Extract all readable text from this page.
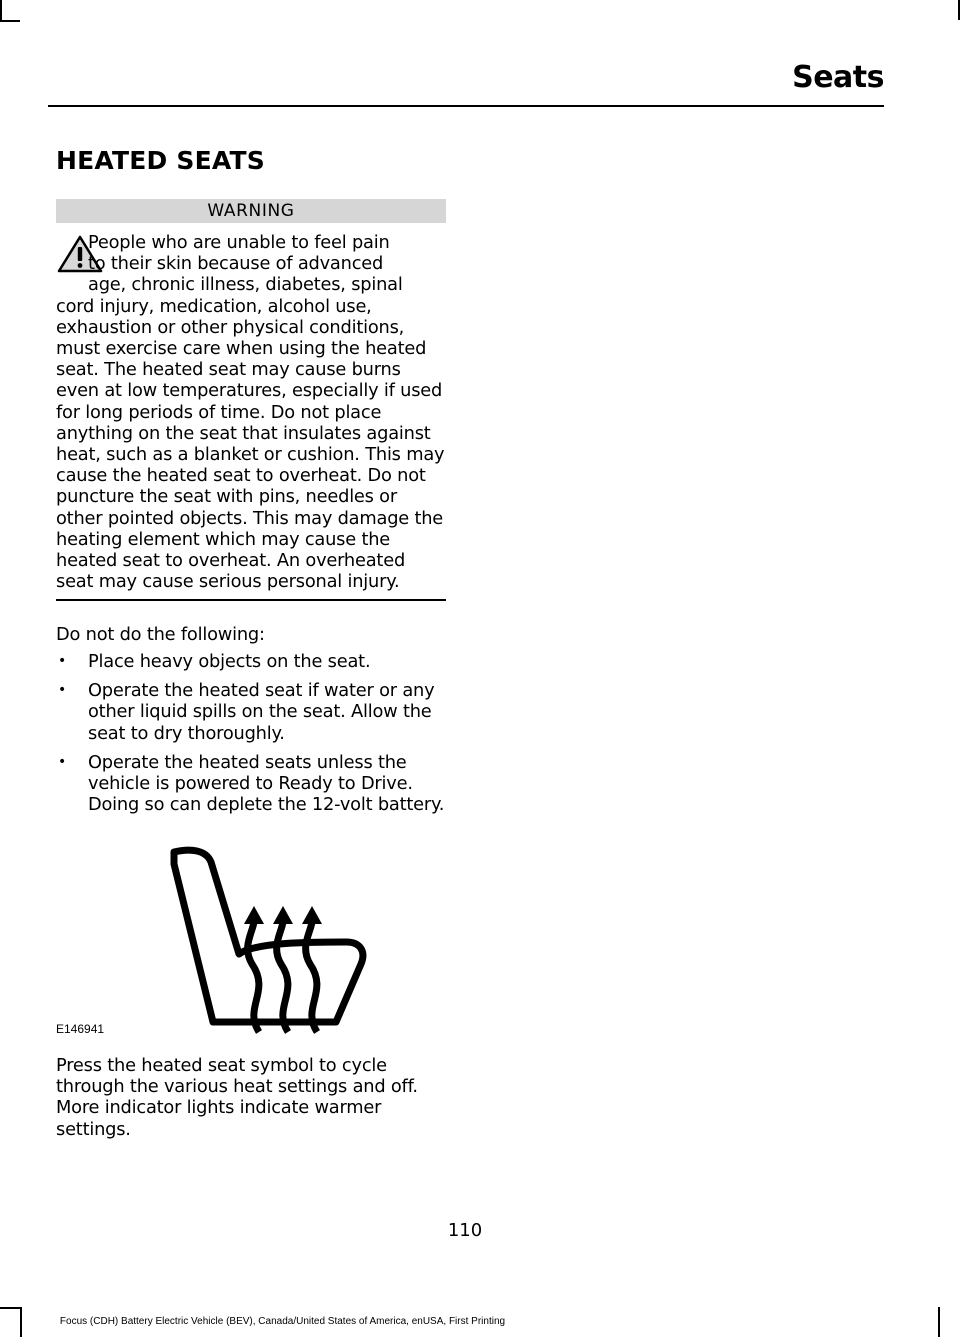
Seats
HEATED SEATS
WARNING

People who are unable to feel pain

to their skin because of advanced

age, chronic illness, diabetes, spinal cord injury, medication, alcohol use, exhaustion or other physical conditions, must exercise care when using the heated seat. The heated seat may cause burns even at low temperatures, especially if used for long periods of time. Do not place anything on the seat that insulates against heat, such as a blanket or cushion. This may cause the heated seat to overheat. Do not puncture the seat with pins, needles or other pointed objects. This may damage the heating element which may cause the heated seat to overheat. An overheated seat may cause serious personal injury.

Do not do the following:
• Place heavy objects on the seat.
• Operate the heated seat if water or any other liquid spills on the seat. Allow the seat to dry thoroughly.
• Operate the heated seats unless the vehicle is powered to Ready to Drive. Doing so can deplete the 12-volt battery.
E146941
Press the heated seat symbol to cycle through the various heat settings and off. More indicator lights indicate warmer settings.
110
Focus (CDH) Battery Electric Vehicle (BEV), Canada/United States of America, enUSA, First Printing
